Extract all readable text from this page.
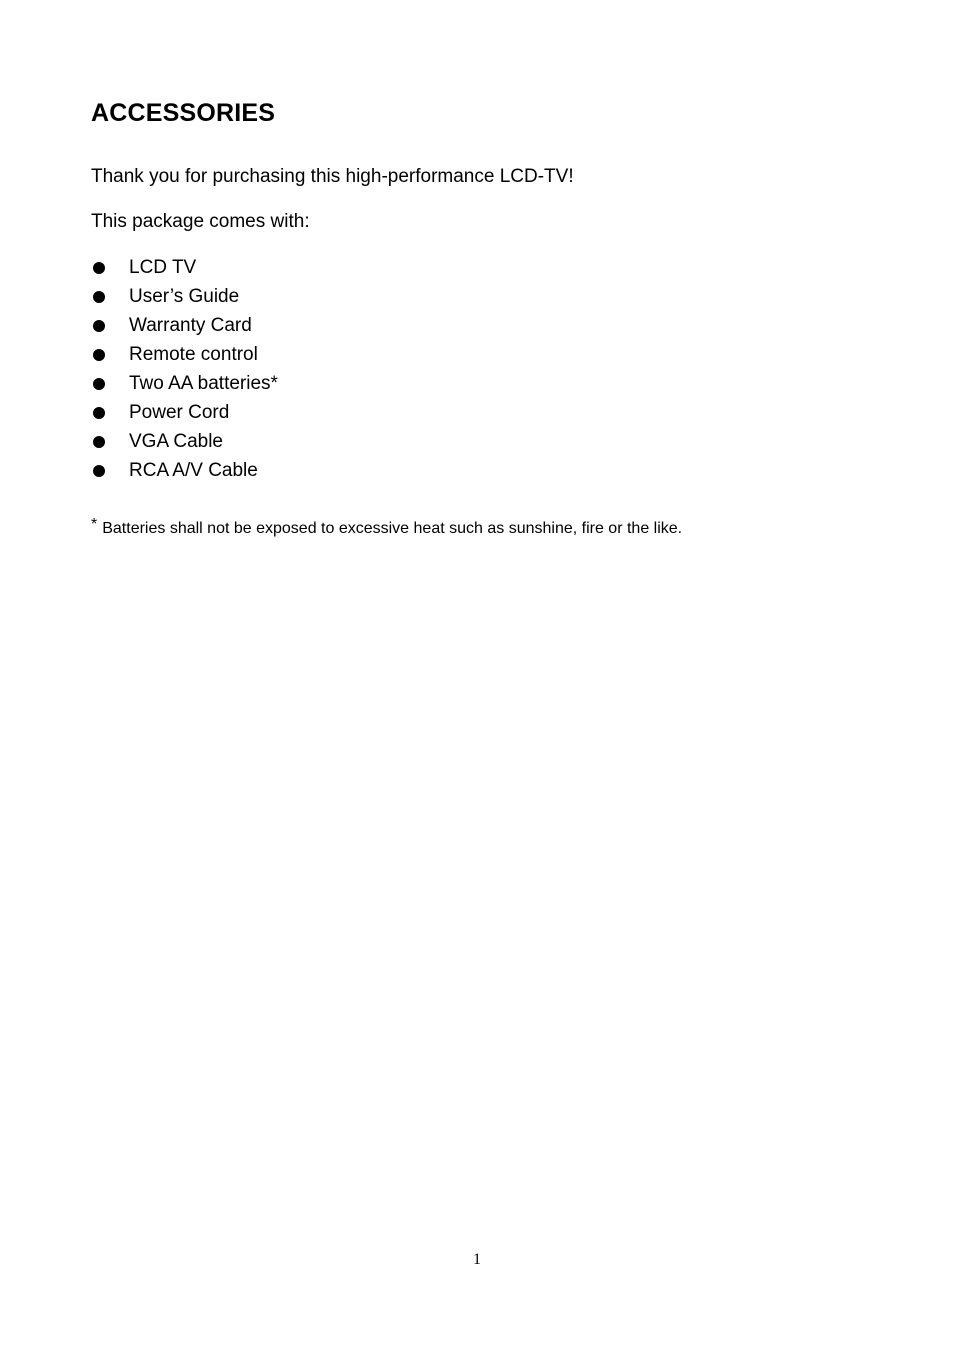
ACCESSORIES
Thank you for purchasing this high-performance LCD-TV!
This package comes with:
LCD TV
User’s Guide
Warranty Card
Remote control
Two AA batteries*
Power Cord
VGA Cable
RCA A/V Cable
* Batteries shall not be exposed to excessive heat such as sunshine, fire or the like.
1
